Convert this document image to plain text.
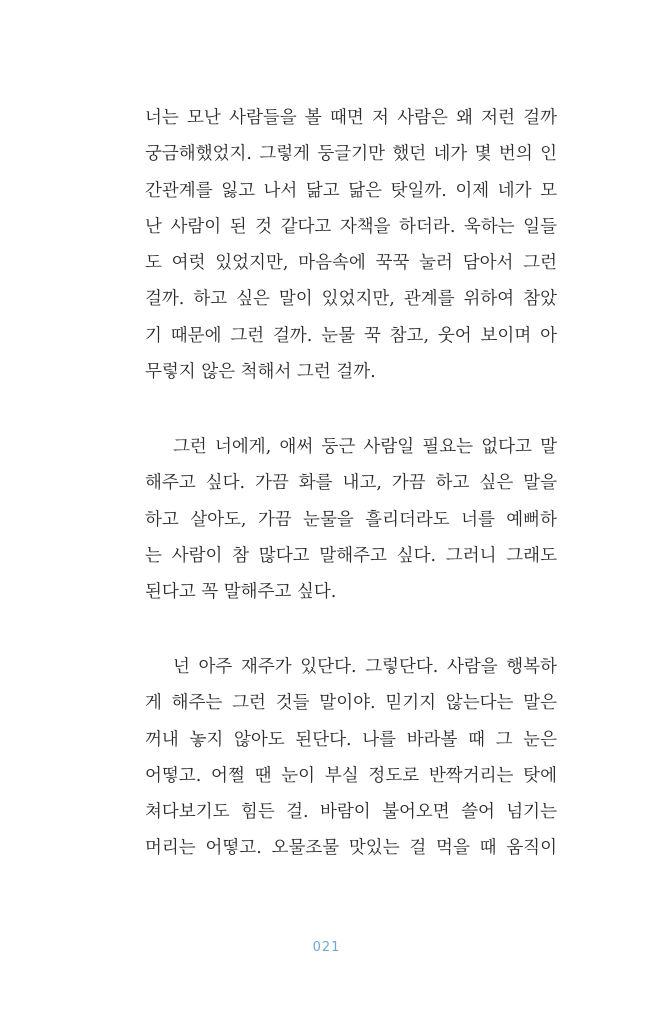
너는 모난 사람들을 볼 때면 저 사람은 왜 저런 걸까
궁금해했었지. 그렇게 둥글기만 했던 네가 몇 번의 인
간관계를 잃고 나서 닮고 닮은 탓일까. 이제 네가 모
난 사람이 된 것 같다고 자책을 하더라. 욱하는 일들
도 여럿 있었지만, 마음속에 꾹꾹 눌러 담아서 그런
걸까. 하고 싶은 말이 있었지만, 관계를 위하여 참았
기 때문에 그런 걸까. 눈물 꾹 참고, 웃어 보이며 아
무렇지 않은 척해서 그런 걸까.
그런 너에게, 애써 둥근 사람일 필요는 없다고 말
해주고 싶다. 가끔 화를 내고, 가끔 하고 싶은 말을
하고 살아도, 가끔 눈물을 흘리더라도 너를 예뻐하
는 사람이 참 많다고 말해주고 싶다. 그러니 그래도
된다고 꼭 말해주고 싶다.
넌 아주 재주가 있단다. 그렇단다. 사람을 행복하
게 해주는 그런 것들 말이야. 믿기지 않는다는 말은
꺼내 놓지 않아도 된단다. 나를 바라볼 때 그 눈은
어떻고. 어쩔 땐 눈이 부실 정도로 반짝거리는 탓에
쳐다보기도 힘든 걸. 바람이 불어오면 쓸어 넘기는
머리는 어떻고. 오물조물 맛있는 걸 먹을 때 움직이
021
